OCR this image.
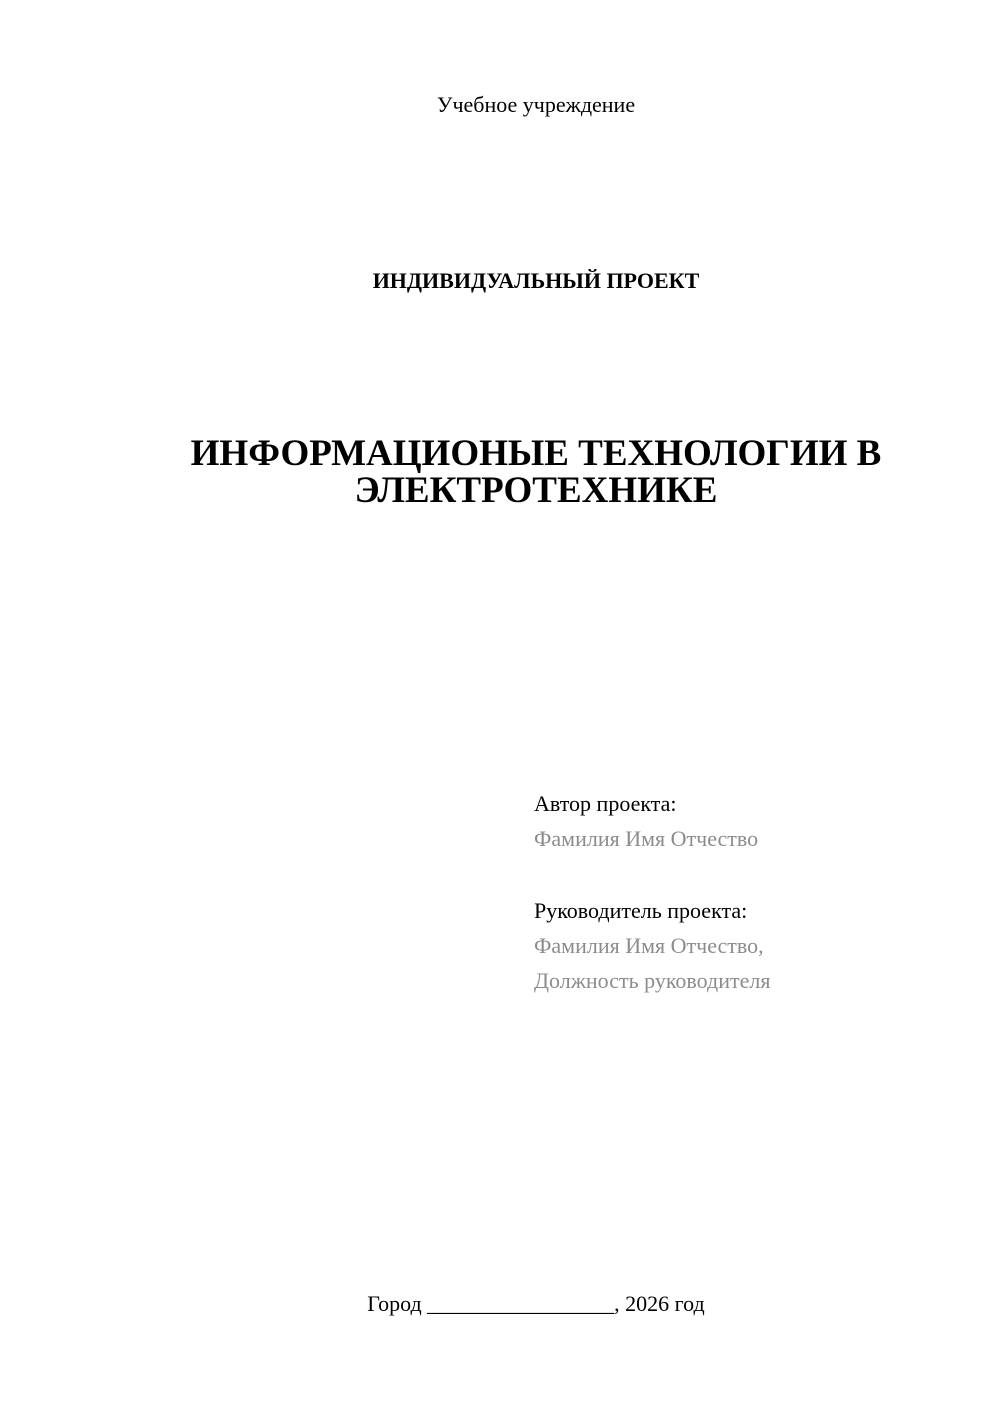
Учебное учреждение
ИНДИВИДУАЛЬНЫЙ ПРОЕКТ
ИНФОРМАЦИОНЫЕ ТЕХНОЛОГИИ В
ЭЛЕКТРОТЕХНИКЕ
Автор проекта:
Фамилия Имя Отчество
Руководитель проекта:
Фамилия Имя Отчество,
Должность руководителя
Город _________________, 2026 год
